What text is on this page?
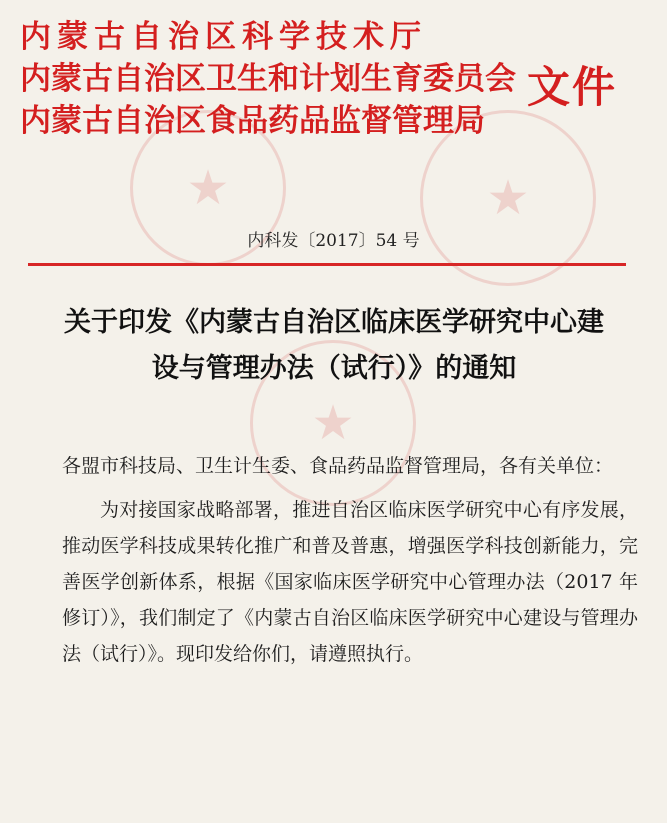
★	★
★
内蒙古自治区科学技术厅
内蒙古自治区卫生和计划生育委员会
内蒙古自治区食品药品监督管理局
文件
内科发〔2017〕54 号
关于印发《内蒙古自治区临床医学研究中心建
设与管理办法（试行）》的通知

各盟市科技局、卫生计生委、食品药品监督管理局，各有关单位：

为对接国家战略部署，推进自治区临床医学研究中心有序发展，推动医学科技成果转化推广和普及普惠，增强医学科技创新能力，完善医学创新体系，根据《国家临床医学研究中心管理办法（2017 年修订）》，我们制定了《内蒙古自治区临床医学研究中心建设与管理办法（试行）》。现印发给你们，请遵照执行。
